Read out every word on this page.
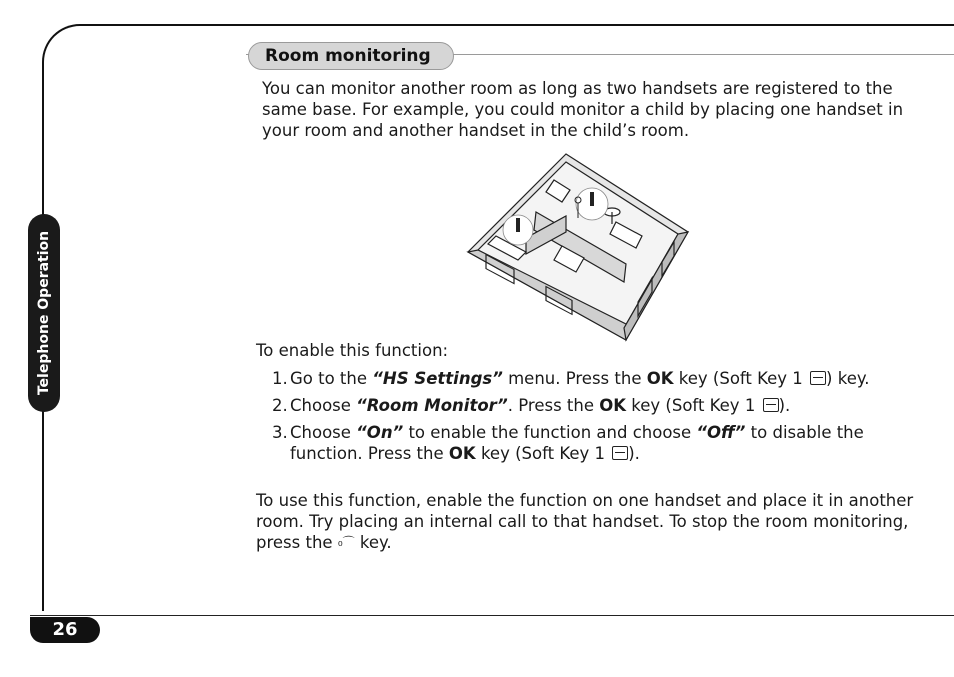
Telephone Operation
Room monitoring

You can monitor another room as long as two handsets are registered to the same base. For example, you could monitor a child by placing one handset in your room and another handset in the child’s room.

To enable this function:

1 . Go to the “HS Settings” menu. Press the OK key (Soft Key 1 ) key.
2 . Choose “Room Monitor”. Press the OK key (Soft Key 1 ).
3 . Choose “On” to enable the function and choose “Off” to disable the function. Press the OK key (Soft Key 1 ).

To use this function, enable the function on one handset and place it in another room. Try placing an internal call to that handset. To stop the room monitoring, press the ₀⌒ key.

26
